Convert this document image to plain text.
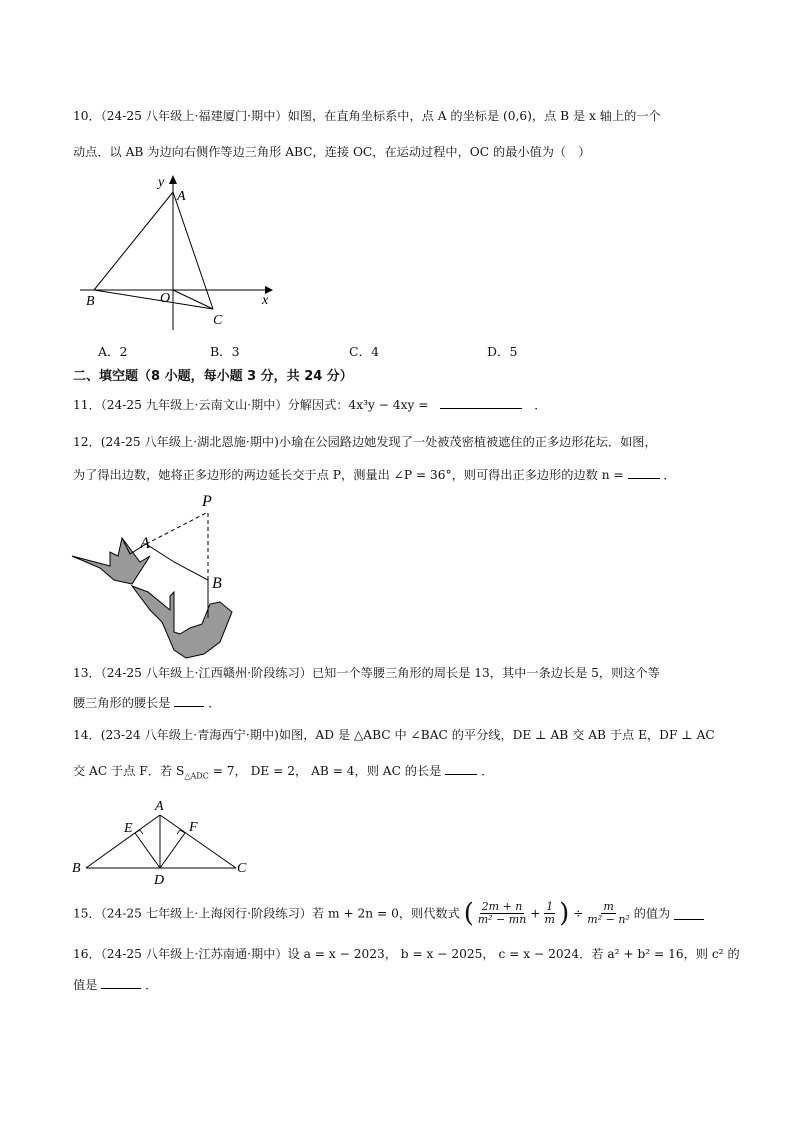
10．（24-25 八年级上·福建厦门·期中）如图，在直角坐标系中，点 A 的坐标是 (0,6)，点 B 是 x 轴上的一个
动点．以 AB 为边向右侧作等边三角形 ABC，连接 OC，在运动过程中，OC 的最小值为（　）
y
A
B	O	x
C
A．2	B．3	C．4	D．5
二、填空题（8 小题，每小题 3 分，共 24 分）
11．（24-25 九年级上·云南文山·期中）分解因式：4x³y − 4xy =	．
12．(24-25 八年级上·湖北恩施·期中)小瑜在公园路边她发现了一处被茂密植被遮住的正多边形花坛．如图，
为了得出边数，她将正多边形的两边延长交于点 P，测量出 ∠P = 36°，则可得出正多边形的边数 n =	．
P
A
B
13．（24-25 八年级上·江西赣州·阶段练习）已知一个等腰三角形的周长是 13，其中一条边长是 5，则这个等
腰三角形的腰长是	．
14．(23-24 八年级上·青海西宁·期中)如图，AD 是 △ABC 中 ∠BAC 的平分线，DE ⊥ AB 交 AB 于点 E，DF ⊥ AC
交 AC 于点 F．若 $S_{\triangle ADC} = 7$， DE = 2， AB = 4，则 AC 的长是	．
A
E	F
B
D
C
15．（24-25 七年级上·上海闵行·阶段练习）若 m + 2n = 0，则代数式 ( $\frac{2m + n}{\text{m² − mn}} + \frac{1}{m}$ ) ÷ $\frac{m}{\text{m² − n²}}$ 的值为
16．（24-25 八年级上·江苏南通·期中）设 a = x − 2023， b = x − 2025， c = x − 2024．若 a² + b² = 16，则 c² 的
值是	．
